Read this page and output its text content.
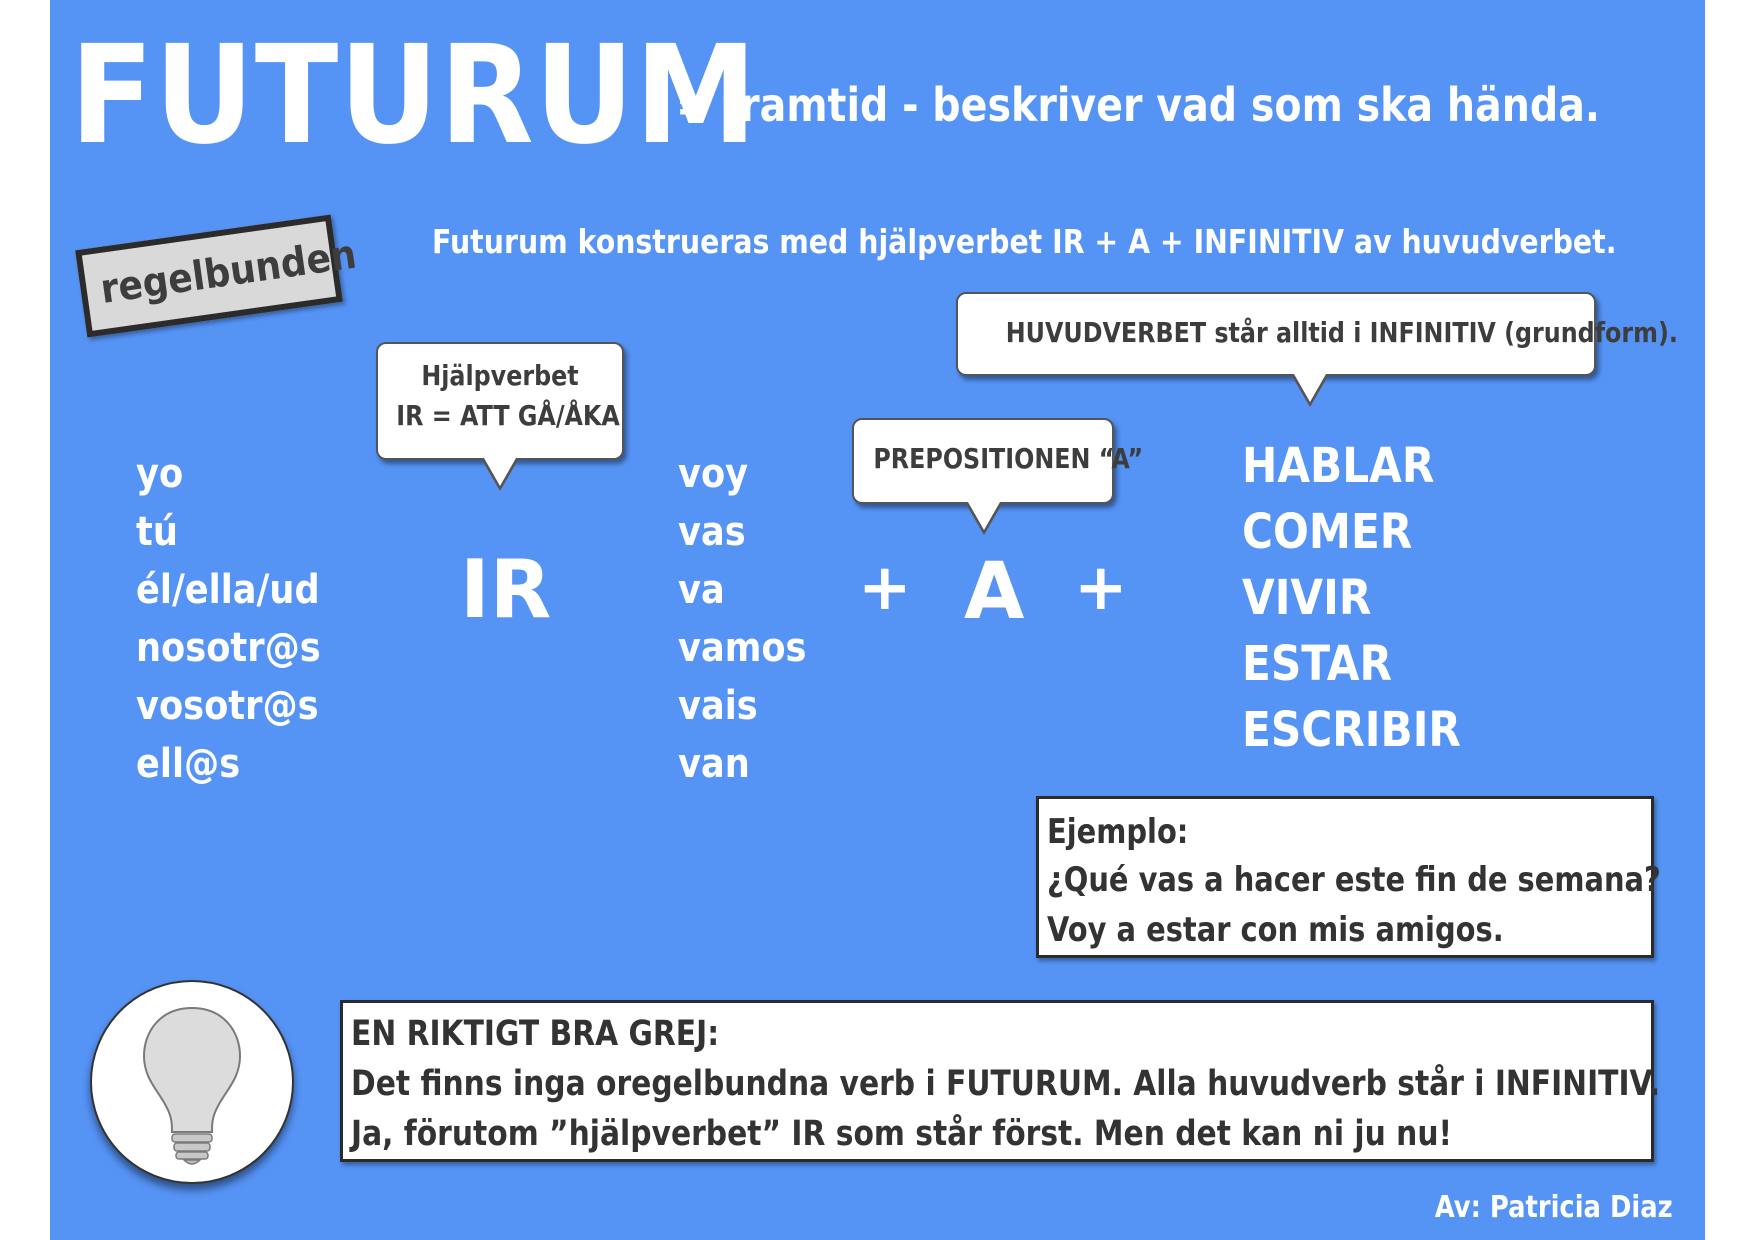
FUTURUM
= framtid - beskriver vad som ska hända.
regelbunden Futurum konstrueras med hjälpverbet IR + A + INFINITIV av huvudverbet.
Hjälpverbet
IR = ATT GÅ/ÅKA
PREPOSITIONEN “A”
HUVUDVERBET står alltid i INFINITIV (grundform).
yo
tú
él/ella/ud
nosotr@s
vosotr@s
ell@s
IR
voy
vas
va
vamos
vais
van
+ A +
HABLAR
COMER
VIVIR
ESTAR
ESCRIBIR
Ejemplo:
¿Qué vas a hacer este fin de semana?
Voy a estar con mis amigos.
EN RIKTIGT BRA GREJ:
Det finns inga oregelbundna verb i FUTURUM. Alla huvudverb står i INFINITIV.
Ja, förutom ”hjälpverbet” IR som står först. Men det kan ni ju nu!
Av: Patricia Diaz
